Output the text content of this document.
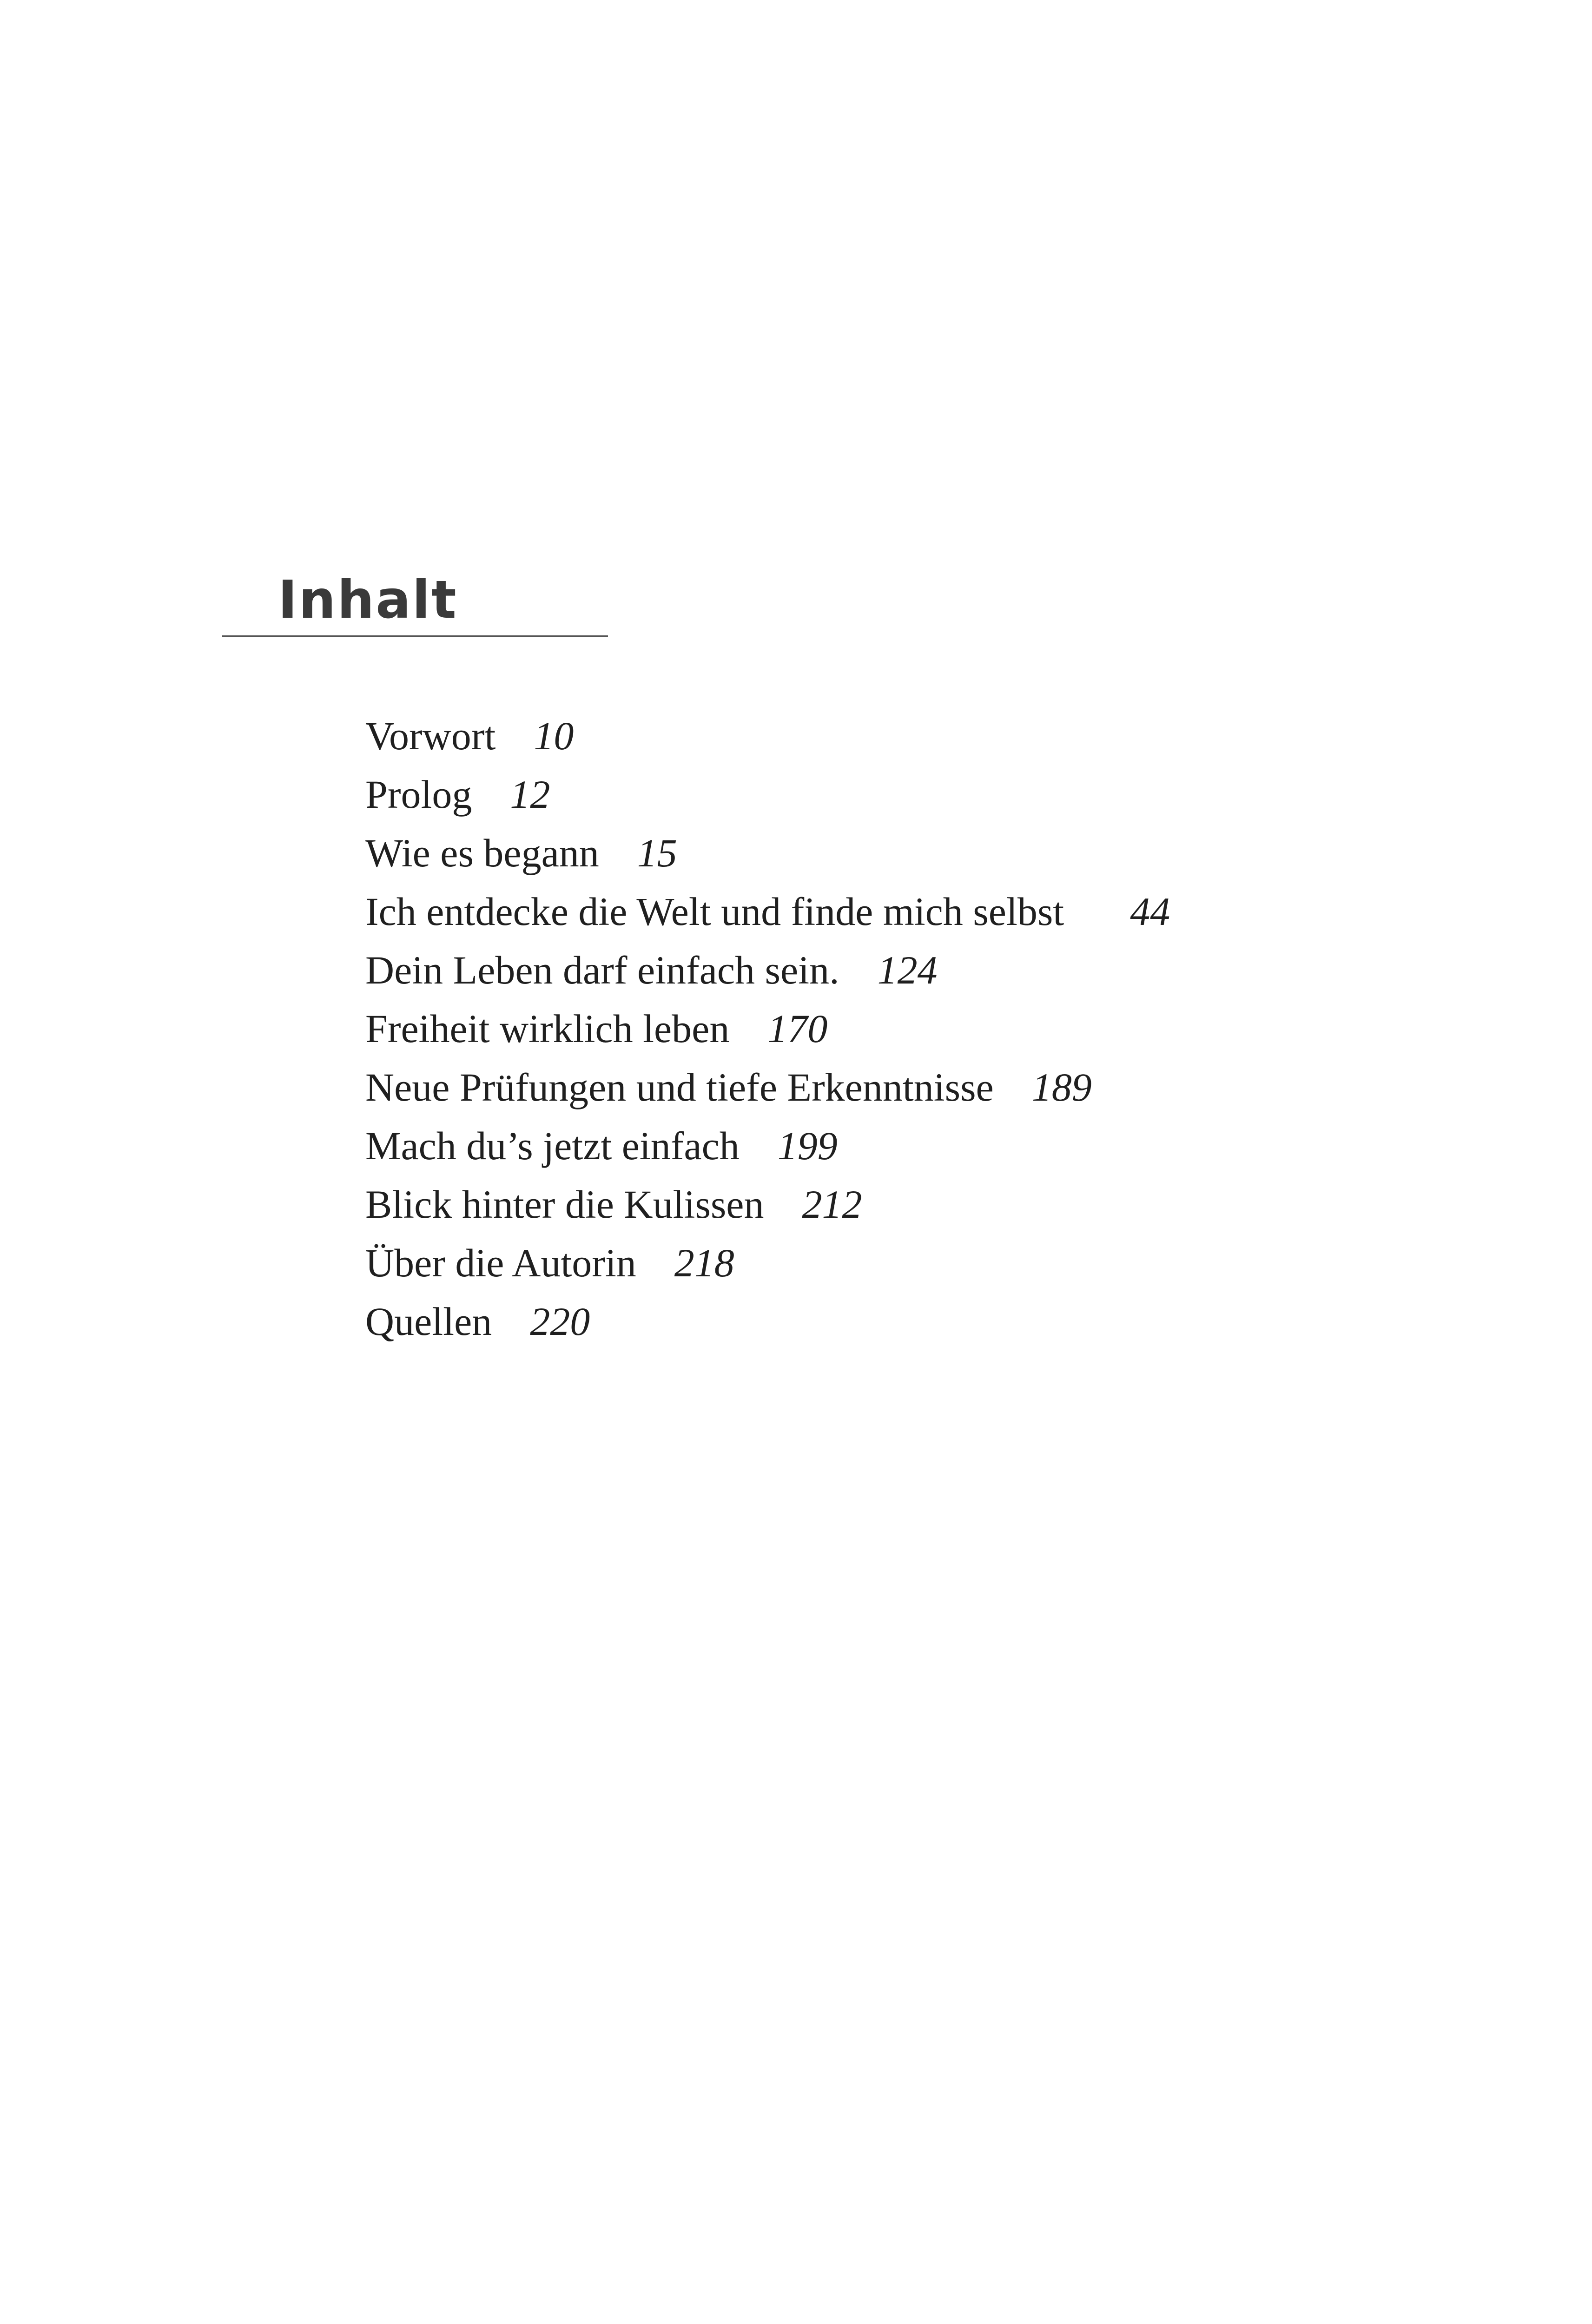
Inhalt
Vorwort 10
Prolog 12
Wie es begann 15
Ich entdecke die Welt und finde mich selbst 44
Dein Leben darf einfach sein. 124
Freiheit wirklich leben 170
Neue Prüfungen und tiefe Erkenntnisse 189
Mach du’s jetzt einfach 199
Blick hinter die Kulissen 212
Über die Autorin 218
Quellen 220
